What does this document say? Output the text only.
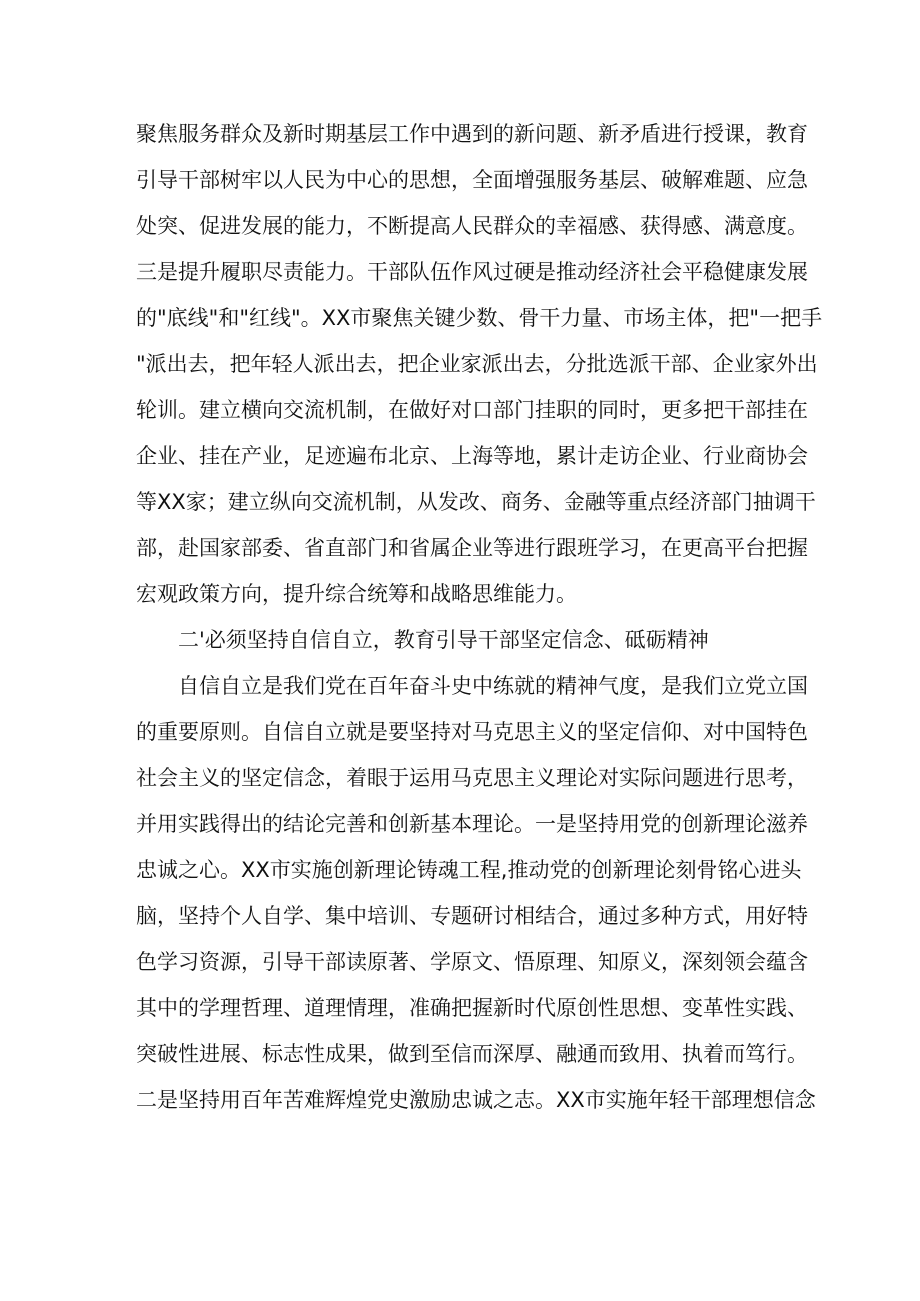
聚焦服务群众及新时期基层工作中遇到的新问题、新矛盾进行授课，教育
引导干部树牢以人民为中心的思想，全面增强服务基层、破解难题、应急
处突、促进发展的能力，不断提高人民群众的幸福感、获得感、满意度。
三是提升履职尽责能力。干部队伍作风过硬是推动经济社会平稳健康发展
的"底线"和"红线"。XX市聚焦关键少数、骨干力量、市场主体，把"一把手
"派出去，把年轻人派出去，把企业家派出去，分批选派干部、企业家外出
轮训。建立横向交流机制，在做好对口部门挂职的同时，更多把干部挂在
企业、挂在产业，足迹遍布北京、上海等地，累计走访企业、行业商协会
等XX家；建立纵向交流机制，从发改、商务、金融等重点经济部门抽调干
部，赴国家部委、省直部门和省属企业等进行跟班学习，在更高平台把握
宏观政策方向，提升综合统筹和战略思维能力。
二'必须坚持自信自立，教育引导干部坚定信念、砥砺精神
自信自立是我们党在百年奋斗史中练就的精神气度，是我们立党立国
的重要原则。自信自立就是要坚持对马克思主义的坚定信仰、对中国特色
社会主义的坚定信念，着眼于运用马克思主义理论对实际问题进行思考，
并用实践得出的结论完善和创新基本理论。一是坚持用党的创新理论滋养
忠诚之心。XX市实施创新理论铸魂工程,推动党的创新理论刻骨铭心进头
脑，坚持个人自学、集中培训、专题研讨相结合，通过多种方式，用好特
色学习资源，引导干部读原著、学原文、悟原理、知原义，深刻领会蕴含
其中的学理哲理、道理情理，准确把握新时代原创性思想、变革性实践、
突破性进展、标志性成果，做到至信而深厚、融通而致用、执着而笃行。
二是坚持用百年苦难辉煌党史激励忠诚之志。XX市实施年轻干部理想信念
